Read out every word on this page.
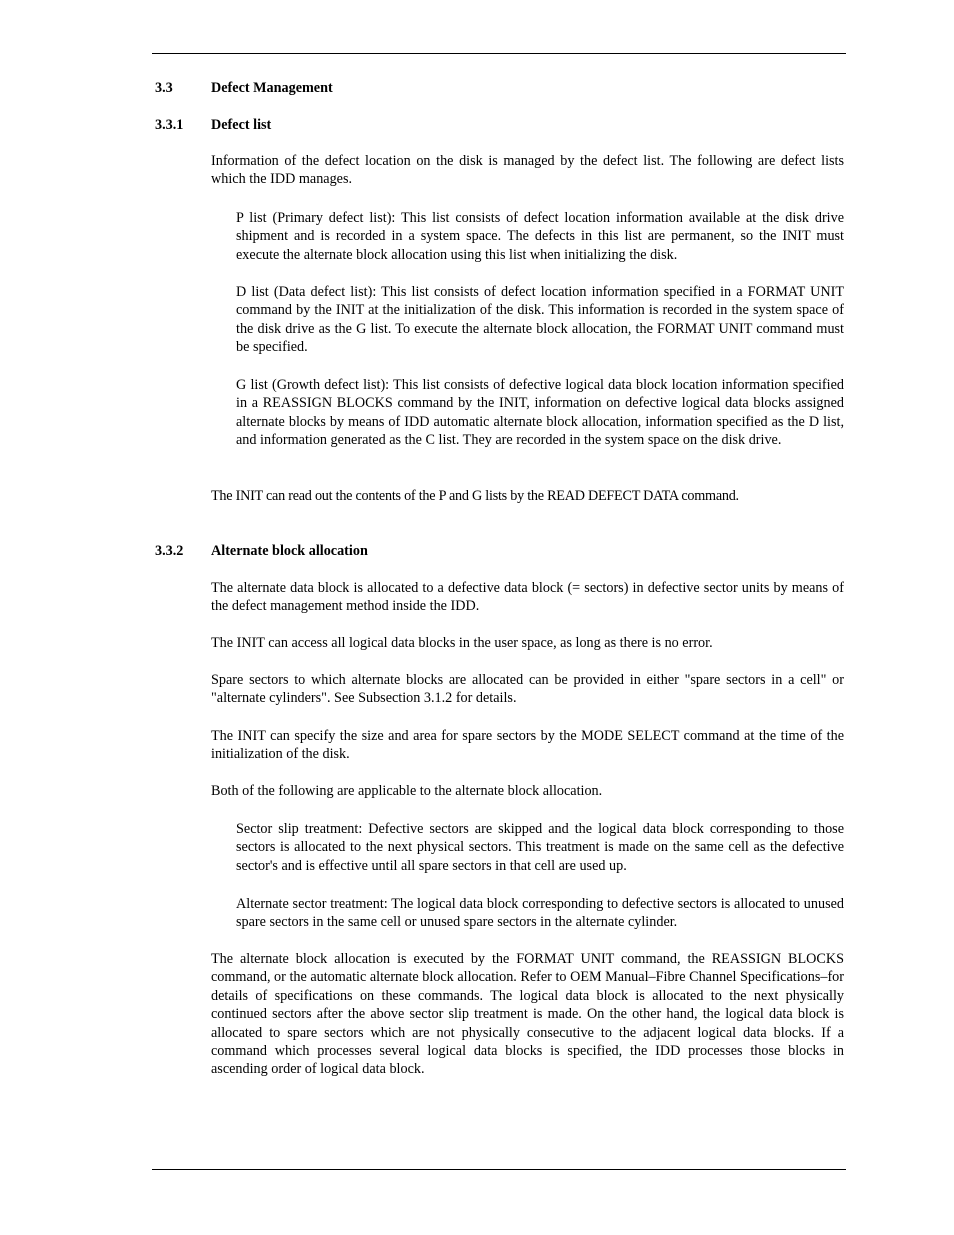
3.3	Defect Management
3.3.1 Defect list

Information of the defect location on the disk is managed by the defect list. The following are defect lists which the IDD manages.

P list (Primary defect list): This list consists of defect location information available at the disk drive shipment and is recorded in a system space. The defects in this list are permanent, so the INIT must execute the alternate block allocation using this list when initializing the disk.

D list (Data defect list): This list consists of defect location information specified in a FORMAT UNIT command by the INIT at the initialization of the disk. This information is recorded in the system space of the disk drive as the G list. To execute the alternate block allocation, the FORMAT UNIT command must be specified.

G list (Growth defect list): This list consists of defective logical data block location information specified in a REASSIGN BLOCKS command by the INIT, information on defective logical data blocks assigned alternate blocks by means of IDD automatic alternate block allocation, information specified as the D list, and information generated as the C list. They are recorded in the system space on the disk drive.

The INIT can read out the contents of the P and G lists by the READ DEFECT DATA command.

3.3.2 Alternate block allocation

The alternate data block is allocated to a defective data block (= sectors) in defective sector units by means of the defect management method inside the IDD.

The INIT can access all logical data blocks in the user space, as long as there is no error.

Spare sectors to which alternate blocks are allocated can be provided in either "spare sectors in a cell" or "alternate cylinders". See Subsection 3.1.2 for details.

The INIT can specify the size and area for spare sectors by the MODE SELECT command at the time of the initialization of the disk.

Both of the following are applicable to the alternate block allocation.

Sector slip treatment: Defective sectors are skipped and the logical data block corresponding to those sectors is allocated to the next physical sectors. This treatment is made on the same cell as the defective sector's and is effective until all spare sectors in that cell are used up.

Alternate sector treatment: The logical data block corresponding to defective sectors is allocated to unused spare sectors in the same cell or unused spare sectors in the alternate cylinder.

The alternate block allocation is executed by the FORMAT UNIT command, the REASSIGN BLOCKS command, or the automatic alternate block allocation. Refer to OEM Manual–Fibre Channel Specifications–for details of specifications on these commands. The logical data block is allocated to the next physically continued sectors after the above sector slip treatment is made. On the other hand, the logical data block is allocated to spare sectors which are not physically consecutive to the adjacent logical data blocks. If a command which processes several logical data blocks is specified, the IDD processes those blocks in ascending order of logical data block.
